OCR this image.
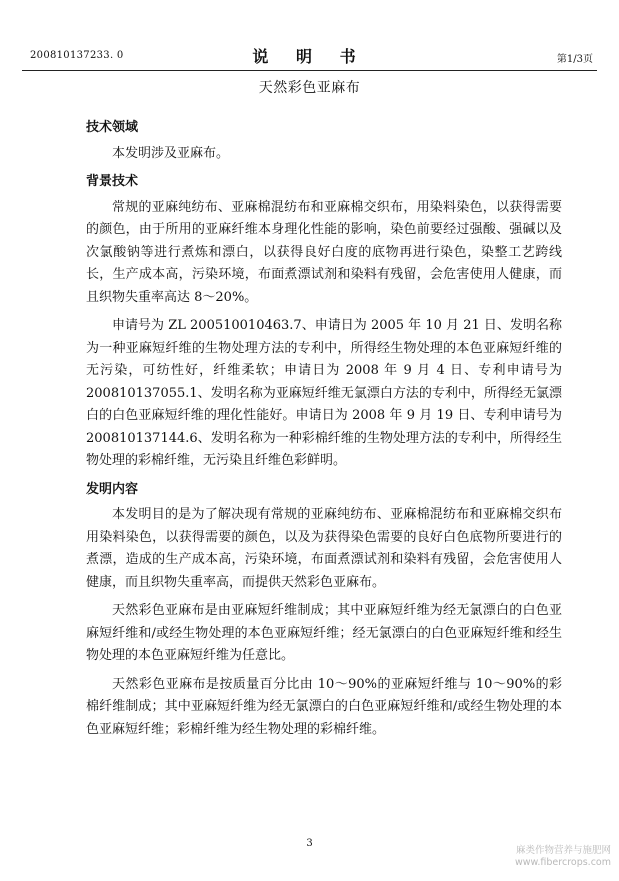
200810137233. 0	说 明 书	第1/3页
天然彩色亚麻布
技术领域

本发明涉及亚麻布。

背景技术

常规的亚麻纯纺布、亚麻棉混纺布和亚麻棉交织布，用染料染色，以获得需要的颜色，由于所用的亚麻纤维本身理化性能的影响，染色前要经过强酸、强碱以及次氯酸钠等进行煮炼和漂白，以获得良好白度的底物再进行染色，染整工艺跨线长，生产成本高，污染环境，布面煮漂试剂和染料有残留，会危害使用人健康，而且织物失重率高达 8～20%。

申请号为 ZL 200510010463.7、申请日为 2005 年 10 月 21 日、发明名称为一种亚麻短纤维的生物处理方法的专利中，所得经生物处理的本色亚麻短纤维的无污染，可纺性好，纤维柔软；申请日为 2008 年 9 月 4 日、专利申请号为 200810137055.1、发明名称为亚麻短纤维无氯漂白方法的专利中，所得经无氯漂白的白色亚麻短纤维的理化性能好。申请日为 2008 年 9 月 19 日、专利申请号为 200810137144.6、发明名称为一种彩棉纤维的生物处理方法的专利中，所得经生物处理的彩棉纤维，无污染且纤维色彩鲜明。

发明内容

本发明目的是为了解决现有常规的亚麻纯纺布、亚麻棉混纺布和亚麻棉交织布用染料染色，以获得需要的颜色，以及为获得染色需要的良好白色底物所要进行的煮漂，造成的生产成本高，污染环境，布面煮漂试剂和染料有残留，会危害使用人健康，而且织物失重率高，而提供天然彩色亚麻布。

天然彩色亚麻布是由亚麻短纤维制成；其中亚麻短纤维为经无氯漂白的白色亚麻短纤维和/或经生物处理的本色亚麻短纤维；经无氯漂白的白色亚麻短纤维和经生物处理的本色亚麻短纤维为任意比。

天然彩色亚麻布是按质量百分比由 10～90%的亚麻短纤维与 10～90%的彩棉纤维制成；其中亚麻短纤维为经无氯漂白的白色亚麻短纤维和/或经生物处理的本色亚麻短纤维；彩棉纤维为经生物处理的彩棉纤维。

3
麻类作物营养与施肥网
www.fibercrops.com
